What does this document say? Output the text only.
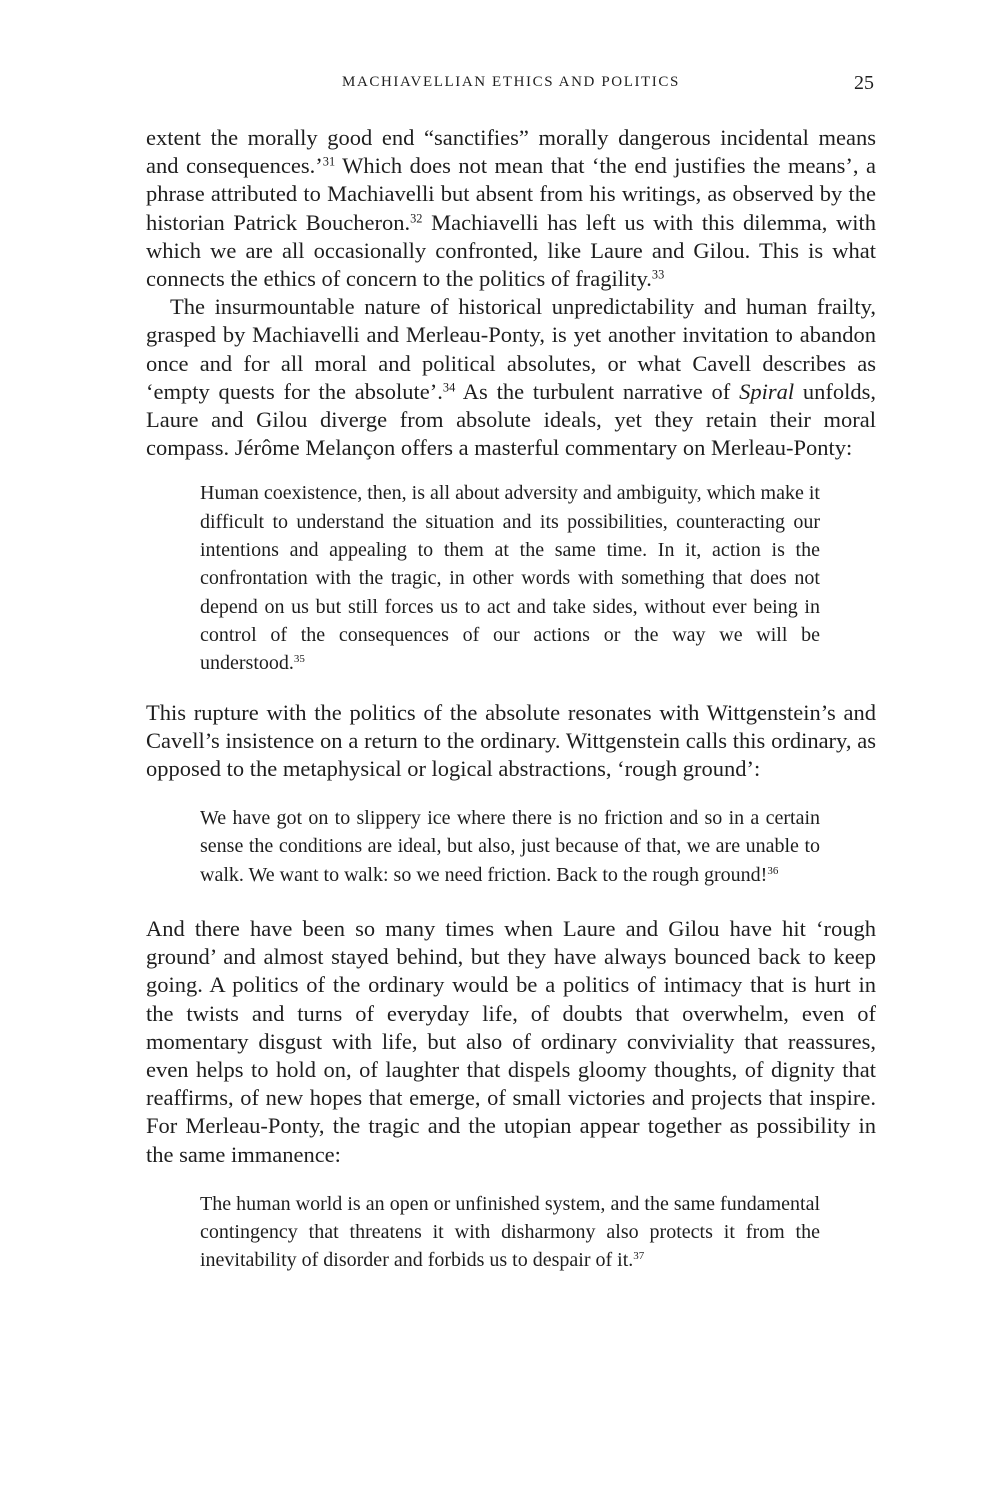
MACHIAVELLIAN ETHICS AND POLITICS	25

extent the morally good end “sanctifies” morally dangerous incidental means and consequences.’$^{31}$ Which does not mean that ‘the end justifies the means’, a phrase attributed to Machiavelli but absent from his writings, as observed by the historian Patrick Boucheron.$^{32}$ Machiavelli has left us with this dilemma, with which we are all occasionally confronted, like Laure and Gilou. This is what connects the ethics of concern to the politics of fragility.$^{33}$

The insurmountable nature of historical unpredictability and human frailty, grasped by Machiavelli and Merleau-Ponty, is yet another invitation to abandon once and for all moral and political absolutes, or what Cavell describes as ‘empty quests for the absolute’.$^{34}$ As the turbulent narrative of Spiral unfolds, Laure and Gilou diverge from absolute ideals, yet they retain their moral compass. Jérôme Melançon offers a masterful commentary on Merleau-Ponty:

Human coexistence, then, is all about adversity and ambiguity, which make it difficult to understand the situation and its possibilities, counteracting our intentions and appealing to them at the same time. In it, action is the confrontation with the tragic, in other words with something that does not depend on us but still forces us to act and take sides, without ever being in control of the consequences of our actions or the way we will be understood.$^{35}$

This rupture with the politics of the absolute resonates with Wittgenstein’s and Cavell’s insistence on a return to the ordinary. Wittgenstein calls this ordinary, as opposed to the metaphysical or logical abstractions, ‘rough ground’:

We have got on to slippery ice where there is no friction and so in a certain sense the conditions are ideal, but also, just because of that, we are unable to walk. We want to walk: so we need friction. Back to the rough ground!$^{36}$

And there have been so many times when Laure and Gilou have hit ‘rough ground’ and almost stayed behind, but they have always bounced back to keep going. A politics of the ordinary would be a politics of intimacy that is hurt in the twists and turns of everyday life, of doubts that overwhelm, even of momentary disgust with life, but also of ordinary conviviality that reassures, even helps to hold on, of laughter that dispels gloomy thoughts, of dignity that reaffirms, of new hopes that emerge, of small victories and projects that inspire. For Merleau-Ponty, the tragic and the utopian appear together as possibility in the same immanence:

The human world is an open or unfinished system, and the same fundamental contingency that threatens it with disharmony also protects it from the inevitability of disorder and forbids us to despair of it.$^{37}$
